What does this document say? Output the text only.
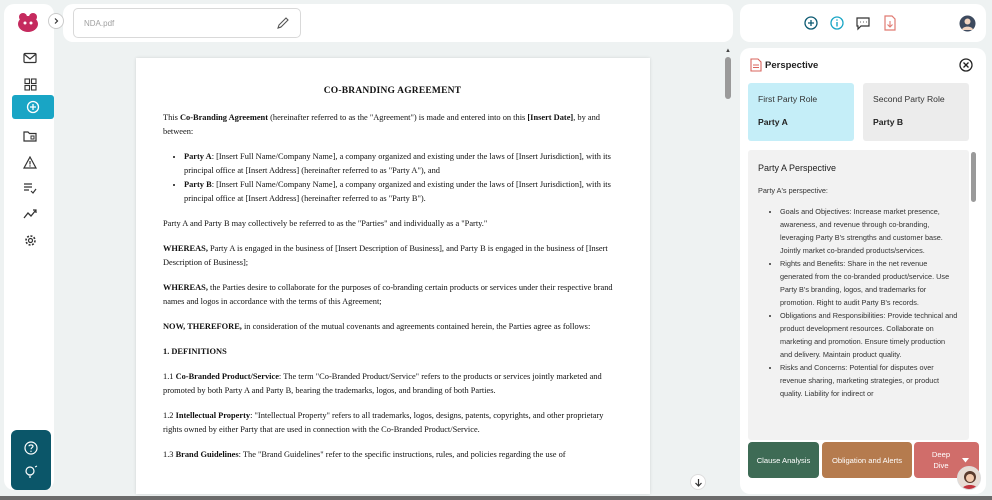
NDA.pdf
CO-BRANDING AGREEMENT

This Co-Branding Agreement (hereinafter referred to as the "Agreement") is made and entered into on this [Insert Date], by and between:

• Party A: [Insert Full Name/Company Name], a company organized and existing under the laws of [Insert Jurisdiction], with its principal office at [Insert Address] (hereinafter referred to as "Party A"), and
• Party B: [Insert Full Name/Company Name], a company organized and existing under the laws of [Insert Jurisdiction], with its principal office at [Insert Address] (hereinafter referred to as "Party B").

Party A and Party B may collectively be referred to as the "Parties" and individually as a "Party."

WHEREAS, Party A is engaged in the business of [Insert Description of Business], and Party B is engaged in the business of [Insert Description of Business];

WHEREAS, the Parties desire to collaborate for the purposes of co-branding certain products or services under their respective brand names and logos in accordance with the terms of this Agreement;

NOW, THEREFORE, in consideration of the mutual covenants and agreements contained herein, the Parties agree as follows:

1. DEFINITIONS

1.1 Co-Branded Product/Service: The term "Co-Branded Product/Service" refers to the products or services jointly marketed and promoted by both Party A and Party B, bearing the trademarks, logos, and branding of both Parties.

1.2 Intellectual Property: "Intellectual Property" refers to all trademarks, logos, designs, patents, copyrights, and other proprietary rights owned by either Party that are used in connection with the Co-Branded Product/Service.

1.3 Brand Guidelines: The "Brand Guidelines" refer to the specific instructions, rules, and policies regarding the use of

▲
Perspective
First Party Role
Party A
Second Party Role
Party B
Party A Perspective
Party A's perspective:
• Goals and Objectives: Increase market presence, awareness, and revenue through co-branding, leveraging Party B's strengths and customer base. Jointly market co-branded products/services.
• Rights and Benefits: Share in the net revenue generated from the co-branded product/service. Use Party B's branding, logos, and trademarks for promotion. Right to audit Party B's records.
• Obligations and Responsibilities: Provide technical and product development resources. Collaborate on marketing and promotion. Ensure timely production and delivery. Maintain product quality.
• Risks and Concerns: Potential for disputes over revenue sharing, marketing strategies, or product quality. Liability for indirect or
Clause Analysis	Obligation and Alerts
Deep Dive
